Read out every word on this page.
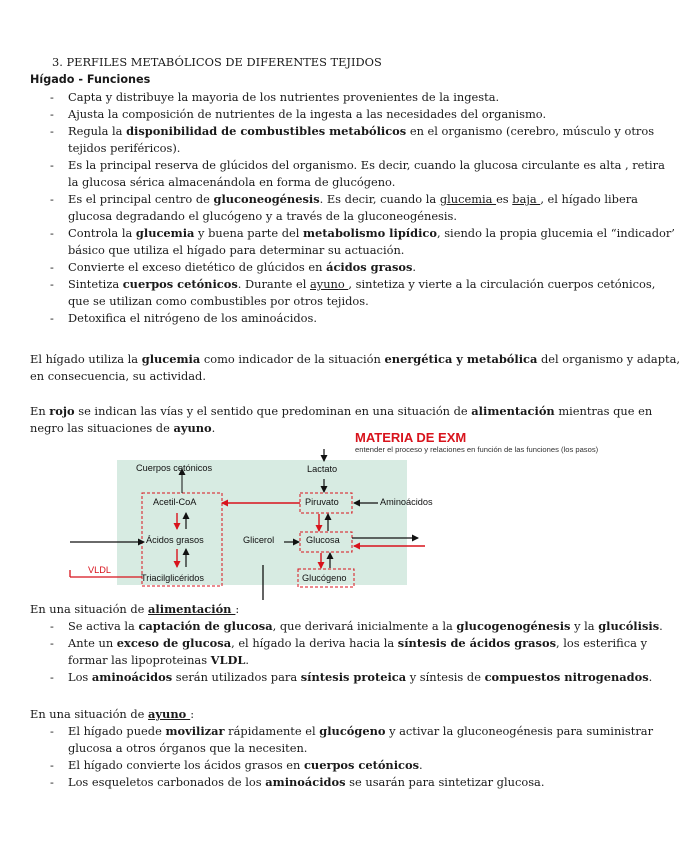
3. PERFILES METABÓLICOS DE DIFERENTES TEJIDOS
Hígado - Funciones
- Capta y distribuye la mayoria de los nutrientes provenientes de la ingesta.
- Ajusta la composición de nutrientes de la ingesta a las necesidades del organismo.
- Regula la disponibilidad de combustibles metabólicos en el organismo (cerebro, músculo y otros
tejidos periféricos).
- Es la principal reserva de glúcidos del organismo. Es decir, cuando la glucosa circulante es alta , retira
la glucosa sérica almacenándola en forma de glucógeno.
- Es el principal centro de gluconeogénesis. Es decir, cuando la glucemia es baja , el hígado libera
glucosa degradando el glucógeno y a través de la gluconeogénesis.
- Controla la glucemia y buena parte del metabolismo lipídico, siendo la propia glucemia el “indicador’
básico que utiliza el hígado para determinar su actuación.
- Convierte el exceso dietético de glúcidos en ácidos grasos.
- Sintetiza cuerpos cetónicos. Durante el ayuno , sintetiza y vierte a la circulación cuerpos cetónicos,
que se utilizan como combustibles por otros tejidos.
- Detoxifica el nitrógeno de los aminoácidos.
El hígado utiliza la glucemia como indicador de la situación energética y metabólica del organismo y adapta,
en consecuencia, su actividad.
En rojo se indican las vías y el sentido que predominan en una situación de alimentación mientras que en
negro las situaciones de ayuno.
MATERIA DE EXM
entender el proceso y relaciones en función de las funciones (los pasos)
Cuerpos cetónicos	Lactato
Acetil-CoA	Piruvato	Aminoácidos
Ácidos grasos	Glicerol	Glucosa
VLDL
Triacilglicéridos	Glucógeno
En una situación de alimentación :
- Se activa la captación de glucosa, que derivará inicialmente a la glucogenogénesis y la glucólisis.
- Ante un exceso de glucosa, el hígado la deriva hacia la síntesis de ácidos grasos, los esterifica y
formar las lipoproteinas VLDL.
- Los aminoácidos serán utilizados para síntesis proteica y síntesis de compuestos nitrogenados.
En una situación de ayuno :
- El hígado puede movilizar rápidamente el glucógeno y activar la gluconeogénesis para suministrar
glucosa a otros órganos que la necesiten.
- El hígado convierte los ácidos grasos en cuerpos cetónicos.
- Los esqueletos carbonados de los aminoácidos se usarán para sintetizar glucosa.
